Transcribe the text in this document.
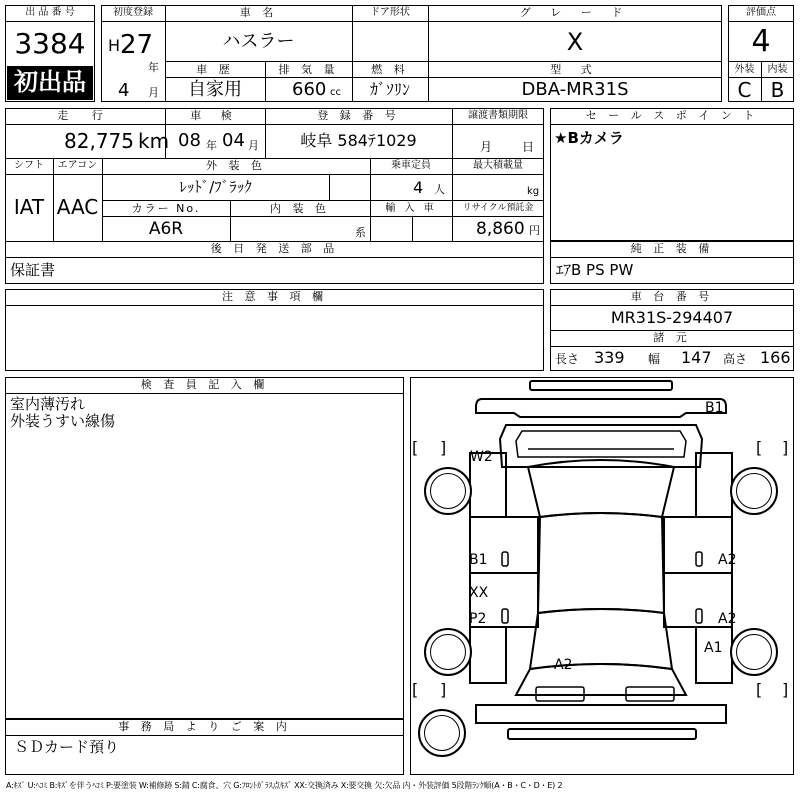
出 品 番 号
3384
初出品
初度登録
H 27
年
4 月
車 名
ハスラー
ドア形状	グ レ ー ド
X
車 歴
自家用
排 気 量
660 cc
燃 料
ｶﾞｿﾘﾝ
型 式
DBA-MR31S
評価点
4
外装	内装
C B
走 行
82,775 km
車 検
08 年 04 月
登 録 番 号
岐阜 584ﾃ1029
譲渡書類期限
月 日
シフト
IAT
エアコン
AAC
外 装 色
ﾚｯﾄﾞ/ﾌﾞﾗｯｸ
乗車定員
4 人
最大積載量
kg
カラー No.
A6R
内 装 色
系
輸 入 車	リサイクル預託金
8,860 円
後 日 発 送 部 品
保証書
セ ー ル ス ポ イ ン ト
★Bカメラ
純 正 装 備
ｴｱB PS PW
注 意 事 項 欄	車 台 番 号
MR31S-294407
諸 元
長さ 339 幅 147 高さ 166
検 査 員 記 入 欄
室内薄汚れ
外装うすい線傷
事 務 局 よ り ご 案 内
ＳＤカード預り
[ ]	[ ]
[ ]	[ ]
B1
W2
B1	A2
XX
P2	A2
A1
A2
A:ｷｽﾞ U:ﾍｺﾐ B:ｷｽﾞを伴うﾍｺﾐ P:要塗装 W:補修跡 S:錆 C:腐食、穴 G:ﾌﾛﾝﾄｶﾞﾗｽ点ｷｽﾞ XX:交換済み X:要交換 欠:欠品 内・外装評価 5段階ﾗﾝｸ順(A・B・C・D・E) 2
